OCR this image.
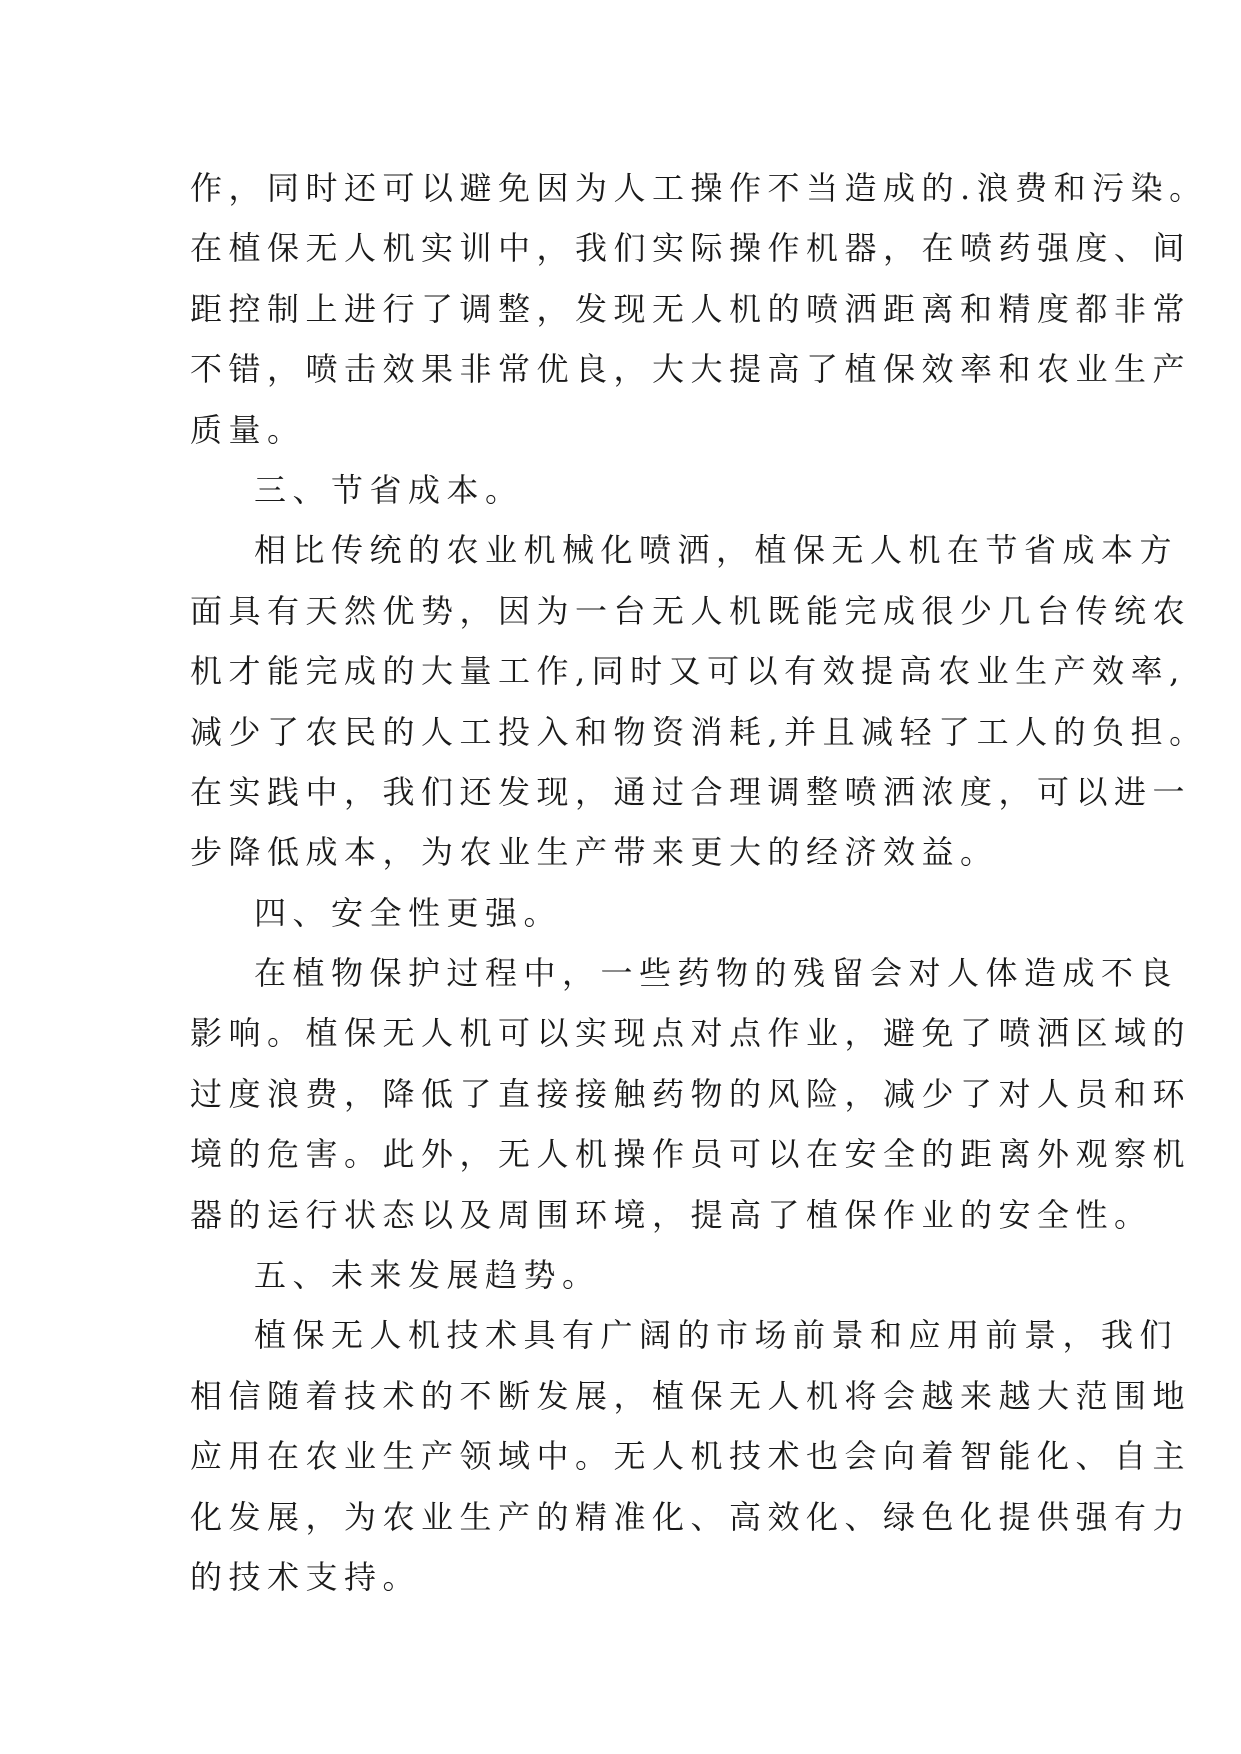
作，同时还可以避免因为人工操作不当造成的.浪费和污染。
在植保无人机实训中，我们实际操作机器，在喷药强度、间
距控制上进行了调整，发现无人机的喷洒距离和精度都非常
不错，喷击效果非常优良，大大提高了植保效率和农业生产
质量。
三、节省成本。
相比传统的农业机械化喷洒，植保无人机在节省成本方
面具有天然优势，因为一台无人机既能完成很少几台传统农
机才能完成的大量工作,同时又可以有效提高农业生产效率,
减少了农民的人工投入和物资消耗,并且减轻了工人的负担。
在实践中，我们还发现，通过合理调整喷洒浓度，可以进一
步降低成本，为农业生产带来更大的经济效益。
四、安全性更强。
在植物保护过程中，一些药物的残留会对人体造成不良
影响。植保无人机可以实现点对点作业，避免了喷洒区域的
过度浪费，降低了直接接触药物的风险，减少了对人员和环
境的危害。此外，无人机操作员可以在安全的距离外观察机
器的运行状态以及周围环境，提高了植保作业的安全性。
五、未来发展趋势。
植保无人机技术具有广阔的市场前景和应用前景，我们
相信随着技术的不断发展，植保无人机将会越来越大范围地
应用在农业生产领域中。无人机技术也会向着智能化、自主
化发展，为农业生产的精准化、高效化、绿色化提供强有力
的技术支持。
